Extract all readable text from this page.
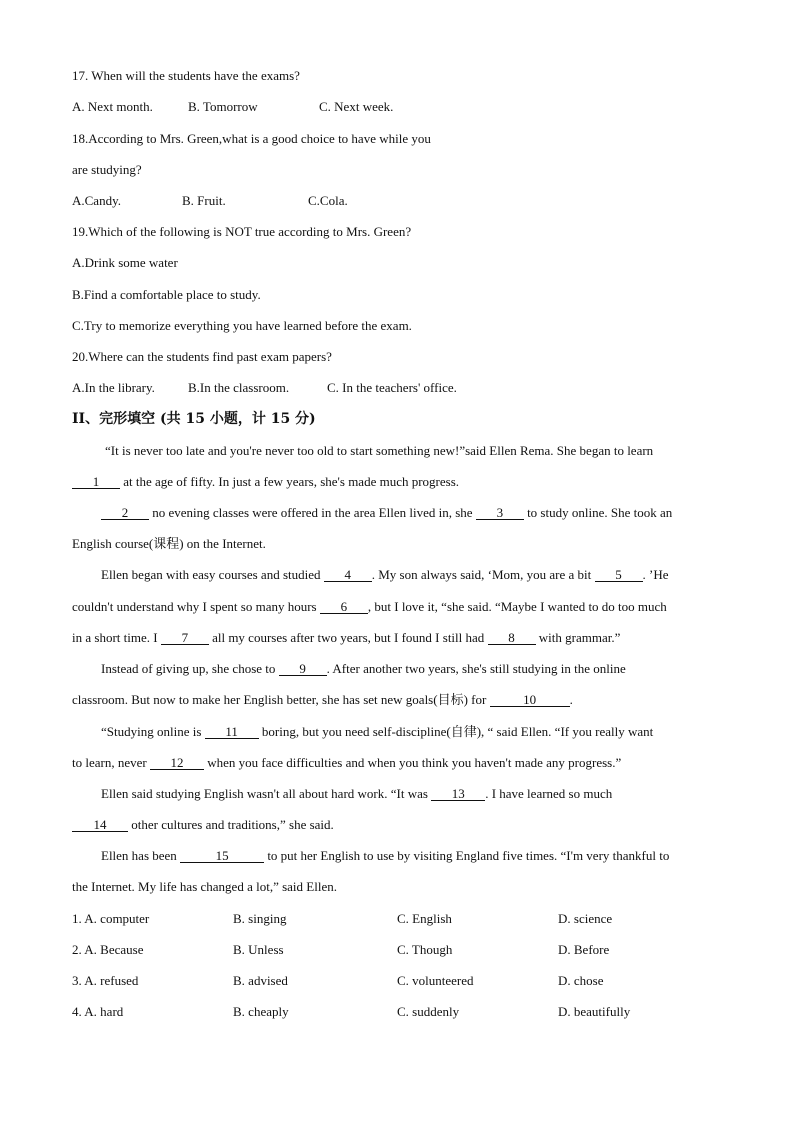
17. When will the students have the exams?
A. Next month.	B. Tomorrow	C. Next week.
18.According to Mrs. Green,what is a good choice to have while you
are studying?
A.Candy.	B. Fruit.	C.Cola.
19.Which of the following is NOT true according to Mrs. Green?
A.Drink some water
B.Find a comfortable place to study.
C.Try to memorize everything you have learned before the exam.
20.Where can the students find past exam papers?
A.In the library.	B.In the classroom.	C. In the teachers' office.
II、完形填空 (共 15 小题，计 15 分)
“It is never too late and you're never too old to start something new!”said Ellen Rema. She began to learn
1 at the age of fifty. In just a few years, she's made much progress.
2 no evening classes were offered in the area Ellen lived in, she 3 to study online. She took an
English course(课程) on the Internet.
Ellen began with easy courses and studied 4 . My son always said, ‘Mom, you are a bit 5 . ’He
couldn't understand why I spent so many hours 6 , but I love it, “she said. “Maybe I wanted to do too much
in a short time. I 7 all my courses after two years, but I found I still had 8 with grammar.”
Instead of giving up, she chose to 9 . After another two years, she's still studying in the online
classroom. But now to make her English better, she has set new goals(目标) for	10	.
“Studying online is 11 boring, but you need self-discipline(自律), “ said Ellen. “If you really want
to learn, never 12 when you face difficulties and when you think you haven't made any progress.”
Ellen said studying English wasn't all about hard work. “It was 13 . I have learned so much
14 other cultures and traditions,” she said.
Ellen has been	15	to put her English to use by visiting England five times. “I'm very thankful to
the Internet. My life has changed a lot,” said Ellen.
1. A. computer	B. singing	C. English	D. science
2. A. Because	B. Unless	C. Though	D. Before
3. A. refused	B. advised	C. volunteered	D. chose
4. A. hard	B. cheaply	C. suddenly	D. beautifully
